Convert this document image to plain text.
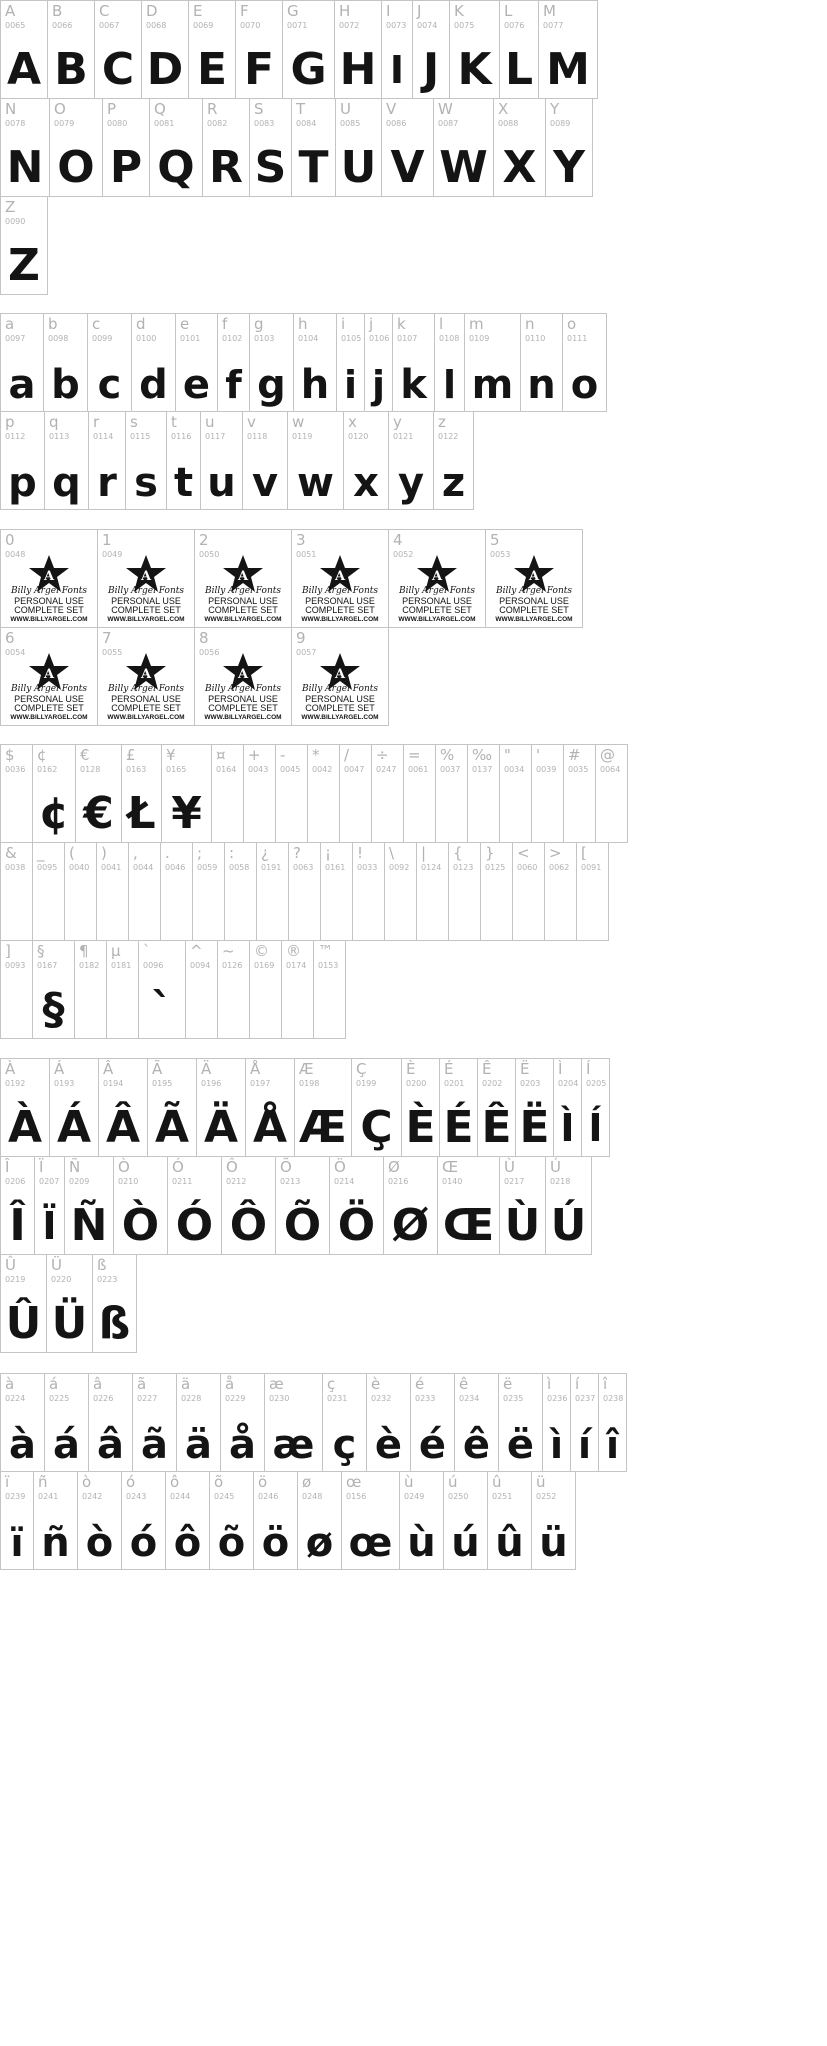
A
0065
A
B
0066
B
C
0067
C
D
0068
D
E
0069
E
F
0070
F
G
0071
G
H
0072
H
I
0073
I
J
0074
J
K
0075
K
L
0076
L
M
0077
M
N
0078
N
O
0079
O
P
0080
P
Q
0081
Q
R
0082
R
S
0083
S
T
0084
T
U
0085
U
V
0086
V
W
0087
W
X
0088
X
Y
0089
Y
Z
0090
Z
a
0097
a
b
0098
b
c
0099
c
d
0100
d
e
0101
e
f
0102
f
g
0103
g
h
0104
h
i
0105
i
j
0106
j
k
0107
k
l
0108
l
m
0109
m
n
0110
n
o
0111
o
p
0112
p
q
0113
q
r
0114
r
s
0115
s
t
0116
t
u
0117
u
v
0118
v
w
0119
w
x
0120
x
y
0121
y
z
0122
z
0
0048
A
Billy Argel Fonts
PERSONAL USE
COMPLETE SET
WWW.BILLYARGEL.COM
1
0049
A
Billy Argel Fonts
PERSONAL USE
COMPLETE SET
WWW.BILLYARGEL.COM
2
0050
A
Billy Argel Fonts
PERSONAL USE
COMPLETE SET
WWW.BILLYARGEL.COM
3
0051
A
Billy Argel Fonts
PERSONAL USE
COMPLETE SET
WWW.BILLYARGEL.COM
4
0052
A
Billy Argel Fonts
PERSONAL USE
COMPLETE SET
WWW.BILLYARGEL.COM
5
0053
A
Billy Argel Fonts
PERSONAL USE
COMPLETE SET
WWW.BILLYARGEL.COM
6
0054
A
Billy Argel Fonts
PERSONAL USE
COMPLETE SET
WWW.BILLYARGEL.COM
7
0055
A
Billy Argel Fonts
PERSONAL USE
COMPLETE SET
WWW.BILLYARGEL.COM
8
0056
A
Billy Argel Fonts
PERSONAL USE
COMPLETE SET
WWW.BILLYARGEL.COM
9
0057
A
Billy Argel Fonts
PERSONAL USE
COMPLETE SET
WWW.BILLYARGEL.COM
$
0036
¢
0162
¢
€
0128
€
£
0163
Ł
¥
0165
¥
¤
0164
+
0043
-
0045
*
0042
/
0047
÷
0247
=
0061
%
0037
‰
0137
"
0034
'
0039
#
0035
@
0064
&
0038
_
0095
(
0040
)
0041
,
0044
.
0046
;
0059
:
0058
¿
0191
?
0063
¡
0161
!
0033
\
0092
|
0124
{
0123
}
0125
<
0060
>
0062
[
0091
]
0093
§
0167
§
¶
0182
µ
0181
`
0096
`
^
0094
~
0126
©
0169
®
0174
™
0153
À
0192
À
Á
0193
Á
Â
0194
Â
Ã
0195
Ã
Ä
0196
Ä
Å
0197
Å
Æ
0198
Æ
Ç
0199
Ç
È
0200
È
É
0201
É
Ê
0202
Ê
Ë
0203
Ë
Ì
0204
Ì
Í
0205
Í
Î
0206
Î
Ï
0207
Ï
Ñ
0209
Ñ
Ò
0210
Ò
Ó
0211
Ó
Ô
0212
Ô
Õ
0213
Õ
Ö
0214
Ö
Ø
0216
Ø
Œ
0140
Œ
Ù
0217
Ù
Ú
0218
Ú
Û
0219
Û
Ü
0220
Ü
ß
0223
ß
à
0224
à
á
0225
á
â
0226
â
ã
0227
ã
ä
0228
ä
å
0229
å
æ
0230
æ
ç
0231
ç
è
0232
è
é
0233
é
ê
0234
ê
ë
0235
ë
ì
0236
ì
í
0237
í
î
0238
î
ï
0239
ï
ñ
0241
ñ
ò
0242
ò
ó
0243
ó
ô
0244
ô
õ
0245
õ
ö
0246
ö
ø
0248
ø
œ
0156
œ
ù
0249
ù
ú
0250
ú
û
0251
û
ü
0252
ü
